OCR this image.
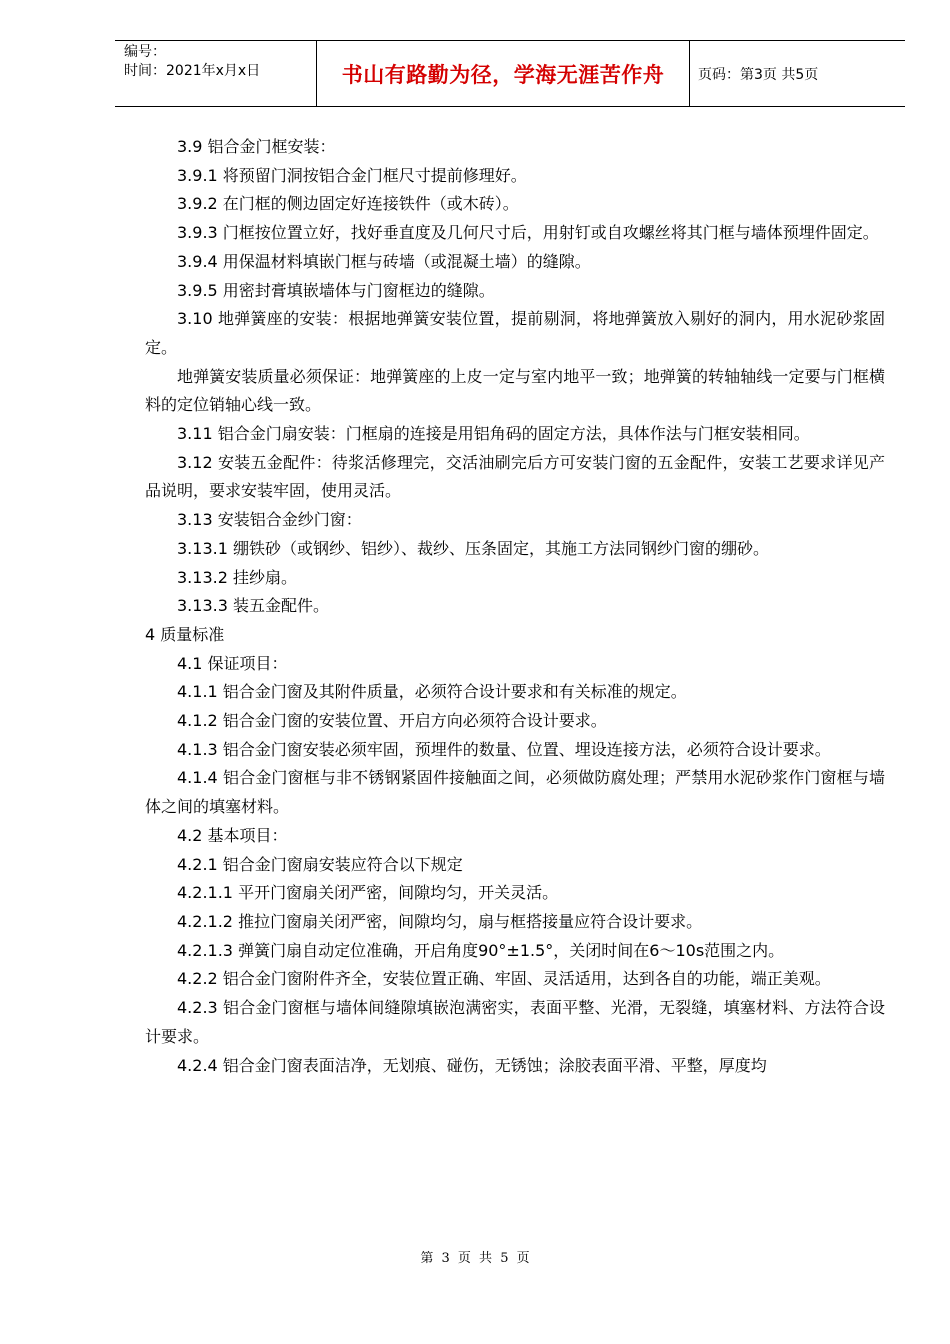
编号：
时间：2021年x月x日	书山有路勤为径，学海无涯苦作舟	页码：第3页 共5页

3.9 铝合金门框安装：

3.9.1 将预留门洞按铝合金门框尺寸提前修理好。

3.9.2 在门框的侧边固定好连接铁件（或木砖）。

3.9.3 门框按位置立好，找好垂直度及几何尺寸后，用射钉或自攻螺丝将其门框与墙体预埋件固定。

3.9.4 用保温材料填嵌门框与砖墙（或混凝土墙）的缝隙。

3.9.5 用密封膏填嵌墙体与门窗框边的缝隙。

3.10 地弹簧座的安装：根据地弹簧安装位置，提前剔洞，将地弹簧放入剔好的洞内，用水泥砂浆固定。

地弹簧安装质量必须保证：地弹簧座的上皮一定与室内地平一致；地弹簧的转轴轴线一定要与门框横料的定位销轴心线一致。

3.11 铝合金门扇安装：门框扇的连接是用铝角码的固定方法，具体作法与门框安装相同。

3.12 安装五金配件：待浆活修理完，交活油刷完后方可安装门窗的五金配件，安装工艺要求详见产品说明，要求安装牢固，使用灵活。

3.13 安装铝合金纱门窗：

3.13.1 绷铁砂（或钢纱、铝纱）、裁纱、压条固定，其施工方法同钢纱门窗的绷砂。

3.13.2 挂纱扇。

3.13.3 装五金配件。

4 质量标准

4.1 保证项目：

4.1.1 铝合金门窗及其附件质量，必须符合设计要求和有关标准的规定。

4.1.2 铝合金门窗的安装位置、开启方向必须符合设计要求。

4.1.3 铝合金门窗安装必须牢固，预埋件的数量、位置、埋设连接方法，必须符合设计要求。

4.1.4 铝合金门窗框与非不锈钢紧固件接触面之间，必须做防腐处理；严禁用水泥砂浆作门窗框与墙体之间的填塞材料。

4.2 基本项目：

4.2.1 铝合金门窗扇安装应符合以下规定

4.2.1.1 平开门窗扇关闭严密，间隙均匀，开关灵活。

4.2.1.2 推拉门窗扇关闭严密，间隙均匀，扇与框搭接量应符合设计要求。

4.2.1.3 弹簧门扇自动定位准确，开启角度90°±1.5°，关闭时间在6～10s范围之内。

4.2.2 铝合金门窗附件齐全，安装位置正确、牢固、灵活适用，达到各自的功能，端正美观。

4.2.3 铝合金门窗框与墙体间缝隙填嵌泡满密实，表面平整、光滑，无裂缝，填塞材料、方法符合设计要求。

4.2.4 铝合金门窗表面洁净，无划痕、碰伤，无锈蚀；涂胶表面平滑、平整，厚度均

第 3 页 共 5 页
